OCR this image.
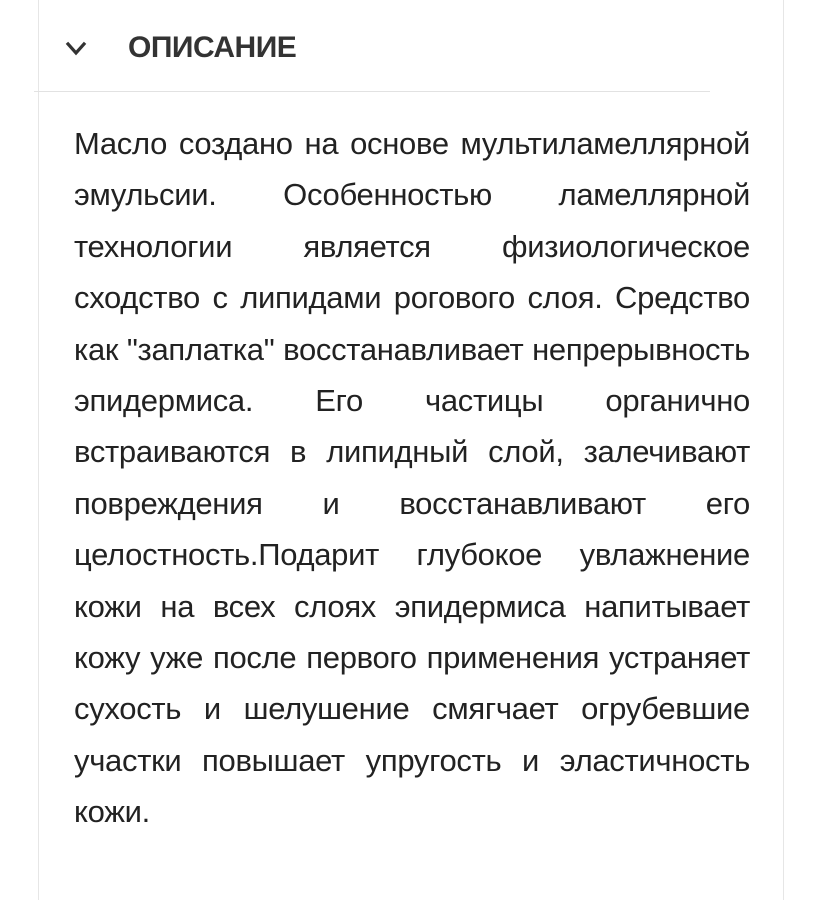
ОПИСАНИЕ

Масло создано на основе мультиламеллярной эмульсии. Особенностью ламеллярной технологии является физиологическое сходство с липидами рогового слоя. Средство как "заплатка" восстанавливает непрерывность эпидермиса. Его частицы органично встраиваются в липидный слой, залечивают повреждения и восстанавливают его целостность.Подарит глубокое увлажнение кожи на всех слоях эпидермиса напитывает кожу уже после первого применения устраняет сухость и шелушение смягчает огрубевшие участки повышает упругость и эластичность кожи.
